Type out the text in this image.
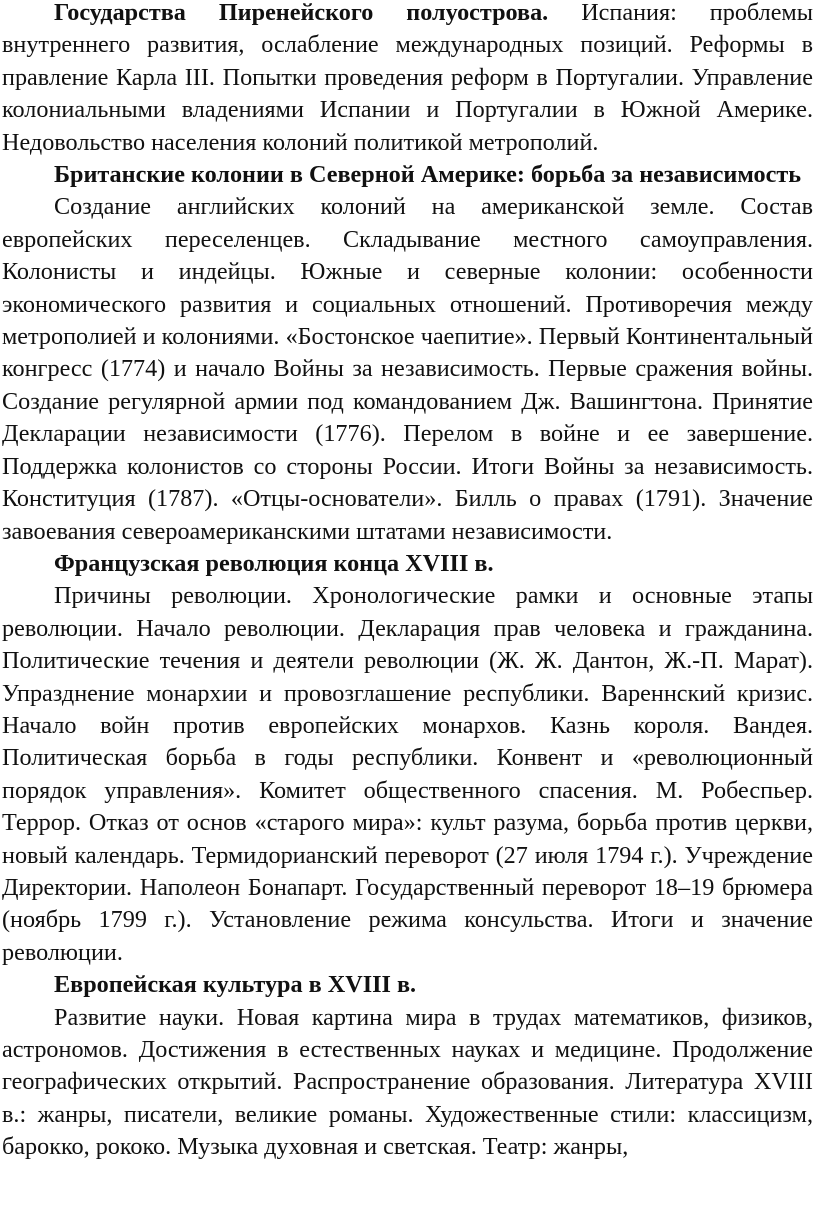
Государства Пиренейского полуострова. Испания: проблемы внутреннего развития, ослабление международных позиций. Реформы в правление Карла III. Попытки проведения реформ в Португалии. Управление колониальными владениями Испании и Португалии в Южной Америке. Недовольство населения колоний политикой метрополий.

Британские колонии в Северной Америке: борьба за независимость

Создание английских колоний на американской земле. Состав европейских переселенцев. Складывание местного самоуправления. Колонисты и индейцы. Южные и северные колонии: особенности экономического развития и социальных отношений. Противоречия между метрополией и колониями. «Бостонское чаепитие». Первый Континентальный конгресс (1774) и начало Войны за независимость. Первые сражения войны. Создание регулярной армии под командованием Дж. Вашингтона. Принятие Декларации независимости (1776). Перелом в войне и ее завершение. Поддержка колонистов со стороны России. Итоги Войны за независимость. Конституция (1787). «Отцы-основатели». Билль о правах (1791). Значение завоевания североамериканскими штатами независимости.

Французская революция конца XVIII в.

Причины революции. Хронологические рамки и основные этапы революции. Начало революции. Декларация прав человека и гражданина. Политические течения и деятели революции (Ж. Ж. Дантон, Ж.-П. Марат). Упразднение монархии и провозглашение республики. Вареннский кризис. Начало войн против европейских монархов. Казнь короля. Вандея. Политическая борьба в годы республики. Конвент и «революционный порядок управления». Комитет общественного спасения. М. Робеспьер. Террор. Отказ от основ «старого мира»: культ разума, борьба против церкви, новый календарь. Термидорианский переворот (27 июля 1794 г.). Учреждение Директории. Наполеон Бонапарт. Государственный переворот 18–19 брюмера (ноябрь 1799 г.). Установление режима консульства. Итоги и значение революции.

Европейская культура в XVIII в.

Развитие науки. Новая картина мира в трудах математиков, физиков, астрономов. Достижения в естественных науках и медицине. Продолжение географических открытий. Распространение образования. Литература XVIII в.: жанры, писатели, великие романы. Художественные стили: классицизм, барокко, рококо. Музыка духовная и светская. Театр: жанры,
